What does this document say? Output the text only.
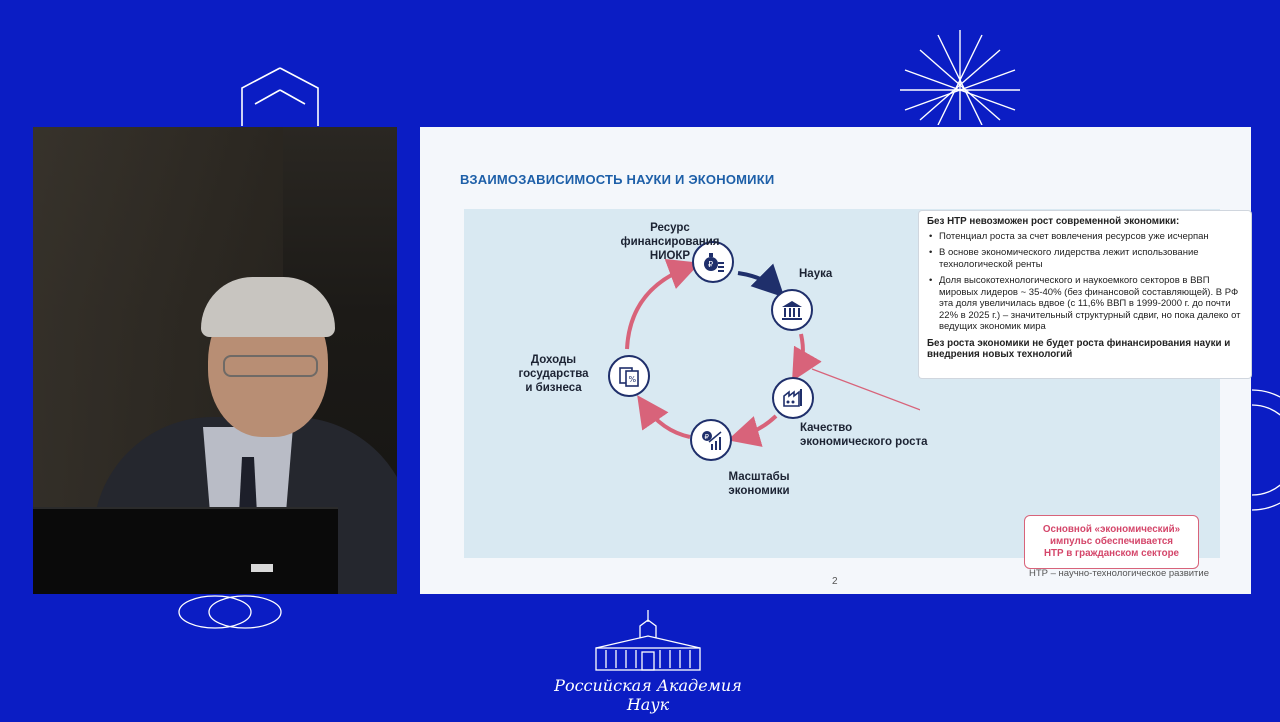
ВЗАИМОЗАВИСИМОСТЬ НАУКИ И ЭКОНОМИКИ
₽
₽
%
Ресурс
финансирования
НИОКР
Наука
Качество
экономического роста
Масштабы
экономики
Доходы
государства
и бизнеса
Без НТР невозможен рост современной экономики:
• Потенциал роста за счет вовлечения ресурсов уже исчерпан
• В основе экономического лидерства лежит использование технологической ренты
• Доля высокотехнологического и наукоемкого секторов в ВВП мировых лидеров ~ 35-40% (без финансовой составляющей). В РФ эта доля увеличилась вдвое (с 11,6% ВВП в 1999-2000 г. до почти 22% в 2025 г.) – значительный структурный сдвиг, но пока далеко от ведущих экономик мира
Без роста экономики не будет роста финансирования науки и внедрения новых технологий
Основной «экономический»
импульс обеспечивается
НТР в гражданском секторе
2
НТР – научно-технологическое развитие
Российская Академия Наук
